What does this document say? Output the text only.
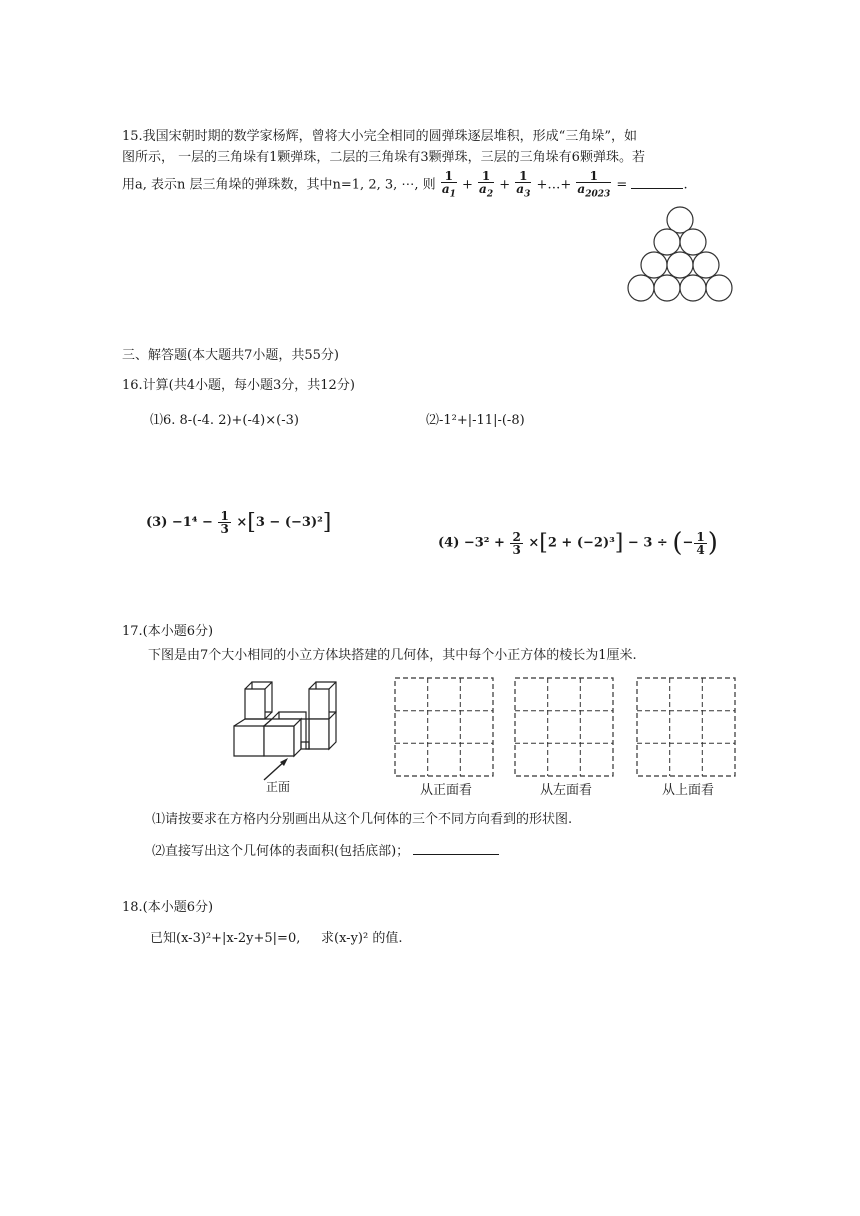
15.我国宋朝时期的数学家杨辉，曾将大小完全相同的圆弹珠逐层堆积，形成“三角垛”，如
图所示， 一层的三角垛有1颗弹珠，二层的三角垛有3颗弹珠，三层的三角垛有6颗弹珠。若
用a, 表示n 层三角垛的弹珠数，其中n=1, 2, 3, ⋯, 则 $\frac{1}{a_1} + \frac{1}{a_2} + \frac{1}{a_3}$ +…+ $\frac{1}{a_{2023}}$ =	.
三、解答题(本大题共7小题，共55分)
16.计算(共4小题，每小题3分，共12分)
⑴6. 8-(-4. 2)+(-4)×(-3)	⑵-1²+|-11|-(-8)
$(3) -1^4 - \frac{1}{3} \times[3 - (-3)^2]$
$(4) -3^2 + \frac{2}{3} \times[2 + (-2)^3] - 3$ ÷ (− $\frac{1}{4}$ )
17.(本小题6分)
下图是由7个大小相同的小立方体块搭建的几何体，其中每个小正方体的棱长为1厘米.
正面	从正面看	从左面看	从上面看
⑴请按要求在方格内分别画出从这个几何体的三个不同方向看到的形状图.
⑵直接写出这个几何体的表面积(包括底部)；
18.(本小题6分)
已知(x-3)²+|x-2y+5|=0, 求(x-y)² 的值.
